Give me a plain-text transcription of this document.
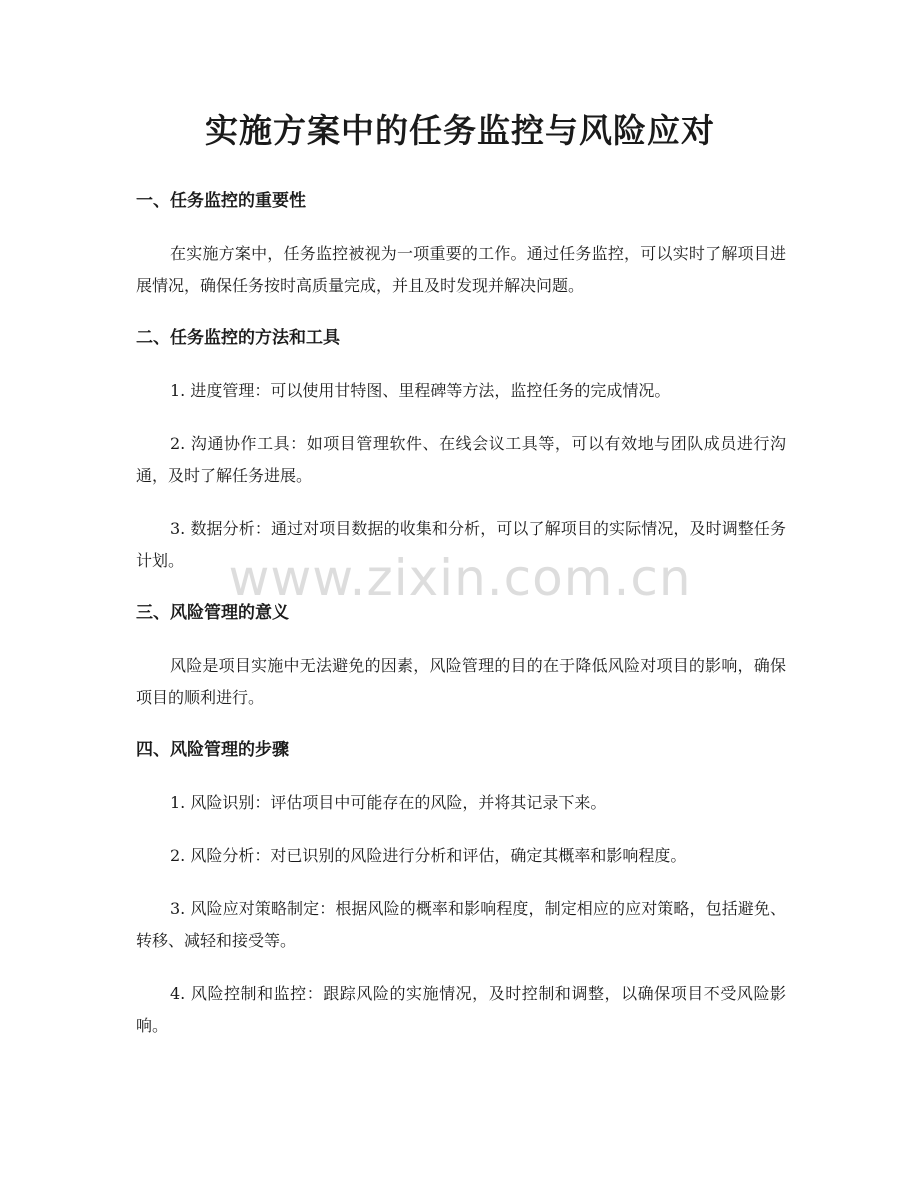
实施方案中的任务监控与风险应对
一、任务监控的重要性

在实施方案中，任务监控被视为一项重要的工作。通过任务监控，可以实时了解项目进展情况，确保任务按时高质量完成，并且及时发现并解决问题。

二、任务监控的方法和工具

1. 进度管理：可以使用甘特图、里程碑等方法，监控任务的完成情况。

2. 沟通协作工具：如项目管理软件、在线会议工具等，可以有效地与团队成员进行沟通，及时了解任务进展。

3. 数据分析：通过对项目数据的收集和分析，可以了解项目的实际情况，及时调整任务计划。

三、风险管理的意义

风险是项目实施中无法避免的因素，风险管理的目的在于降低风险对项目的影响，确保项目的顺利进行。

四、风险管理的步骤

1. 风险识别：评估项目中可能存在的风险，并将其记录下来。

2. 风险分析：对已识别的风险进行分析和评估，确定其概率和影响程度。

3. 风险应对策略制定：根据风险的概率和影响程度，制定相应的应对策略，包括避免、转移、减轻和接受等。

4. 风险控制和监控：跟踪风险的实施情况，及时控制和调整，以确保项目不受风险影响。

www.zixin.com.cn
